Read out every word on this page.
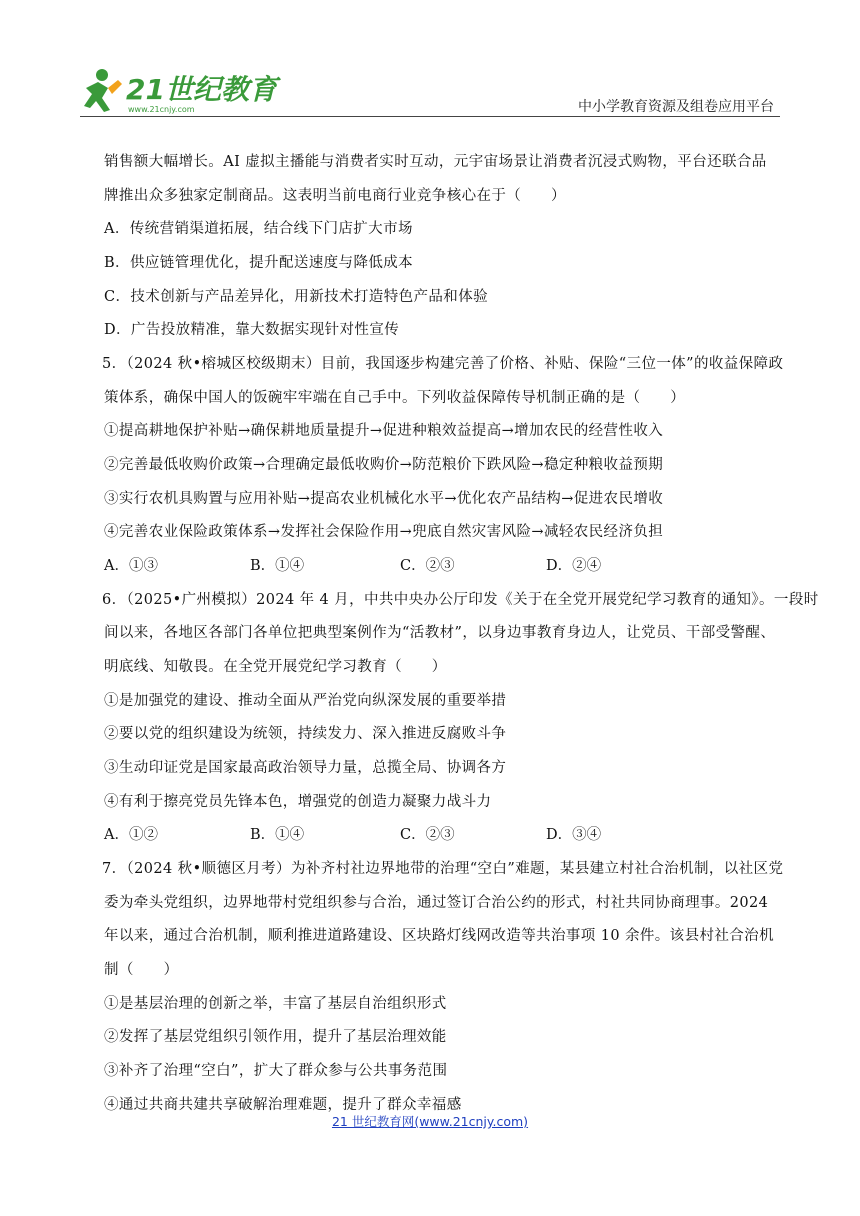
21世纪教育
www.21cnjy.com	中小学教育资源及组卷应用平台
销售额大幅增长。AI 虚拟主播能与消费者实时互动，元宇宙场景让消费者沉浸式购物，平台还联合品
牌推出众多独家定制商品。这表明当前电商行业竞争核心在于（　　）
A．传统营销渠道拓展，结合线下门店扩大市场
B．供应链管理优化，提升配送速度与降低成本
C．技术创新与产品差异化，用新技术打造特色产品和体验
D．广告投放精准，靠大数据实现针对性宣传
5．（2024 秋•榕城区校级期末）目前，我国逐步构建完善了价格、补贴、保险“三位一体”的收益保障政
策体系，确保中国人的饭碗牢牢端在自己手中。下列收益保障传导机制正确的是（　　）
①提高耕地保护补贴→确保耕地质量提升→促进种粮效益提高→增加农民的经营性收入
②完善最低收购价政策→合理确定最低收购价→防范粮价下跌风险→稳定种粮收益预期
③实行农机具购置与应用补贴→提高农业机械化水平→优化农产品结构→促进农民增收
④完善农业保险政策体系→发挥社会保险作用→兜底自然灾害风险→减轻农民经济负担
A．①③	B．①④	C．②③	D．②④
6．（2025•广州模拟）2024 年 4 月，中共中央办公厅印发《关于在全党开展党纪学习教育的通知》。一段时
间以来，各地区各部门各单位把典型案例作为“活教材”，以身边事教育身边人，让党员、干部受警醒、
明底线、知敬畏。在全党开展党纪学习教育（　　）
①是加强党的建设、推动全面从严治党向纵深发展的重要举措
②要以党的组织建设为统领，持续发力、深入推进反腐败斗争
③生动印证党是国家最高政治领导力量，总揽全局、协调各方
④有利于擦亮党员先锋本色，增强党的创造力凝聚力战斗力
A．①②	B．①④	C．②③	D．③④
7．（2024 秋•顺德区月考）为补齐村社边界地带的治理“空白”难题，某县建立村社合治机制，以社区党
委为牵头党组织，边界地带村党组织参与合治，通过签订合治公约的形式，村社共同协商理事。2024
年以来，通过合治机制，顺利推进道路建设、区块路灯线网改造等共治事项 10 余件。该县村社合治机
制（　　）
①是基层治理的创新之举，丰富了基层自治组织形式
②发挥了基层党组织引领作用，提升了基层治理效能
③补齐了治理“空白”，扩大了群众参与公共事务范围
④通过共商共建共享破解治理难题，提升了群众幸福感
21 世纪教育网(www.21cnjy.com)
